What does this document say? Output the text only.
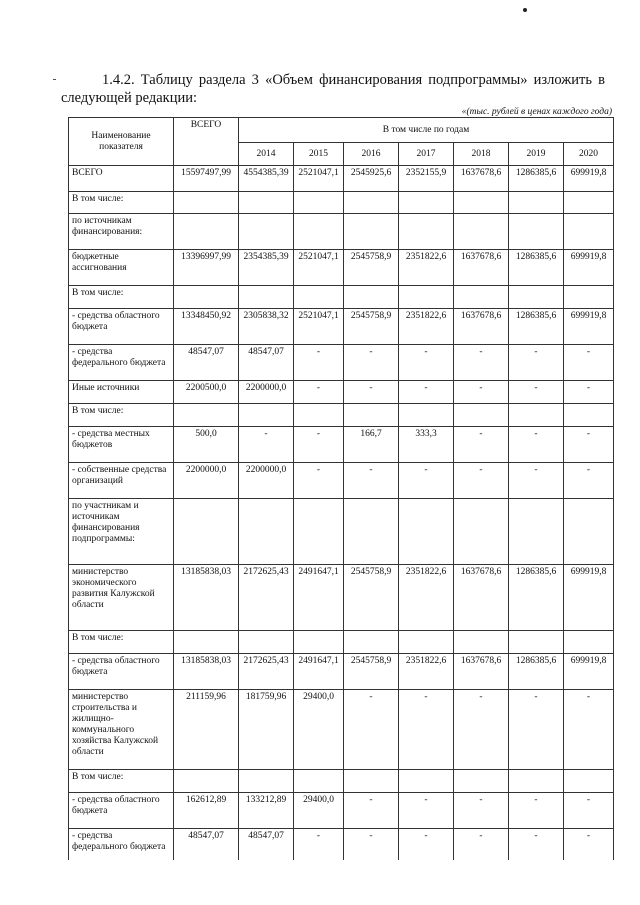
1.4.2. Таблицу раздела 3 «Объем финансирования подпрограммы» изложить в
следующей редакции:
«(тыс. рублей в ценах каждого года)
Наименование показателя	ВСЕГО	В том числе по годам						
		2014	2015	2016	2017	2018	2019	2020
ВСЕГО	15597497,99	4554385,39	2521047,1	2545925,6	2352155,9	1637678,6	1286385,6	699919,8
В том числе:								
по источникам финансирования:								
бюджетные ассигнования	13396997,99	2354385,39	2521047,1	2545758,9	2351822,6	1637678,6	1286385,6	699919,8
В том числе:								
- средства областного бюджета	13348450,92	2305838,32	2521047,1	2545758,9	2351822,6	1637678,6	1286385,6	699919,8
- средства федерального бюджета	48547,07	48547,07	-	-	-	-	-	-
Иные источники	2200500,0	2200000,0	-	-	-	-	-	-
В том числе:								
- средства местных бюджетов	500,0	-	-	166,7	333,3	-	-	-
- собственные средства организаций	2200000,0	2200000,0	-	-	-	-	-	-
по участникам и источникам финансирования подпрограммы:								
министерство экономического развития Калужской области	13185838,03	2172625,43	2491647,1	2545758,9	2351822,6	1637678,6	1286385,6	699919,8
В том числе:								
- средства областного бюджета	13185838,03	2172625,43	2491647,1	2545758,9	2351822,6	1637678,6	1286385,6	699919,8
министерство строительства и жилищно-коммунального хозяйства Калужской области	211159,96	181759,96	29400,0	-	-	-	-	-
В том числе:								
- средства областного бюджета	162612,89	133212,89	29400,0	-	-	-	-	-
- средства федерального бюджета	48547,07	48547,07	-	-	-	-	-	-
